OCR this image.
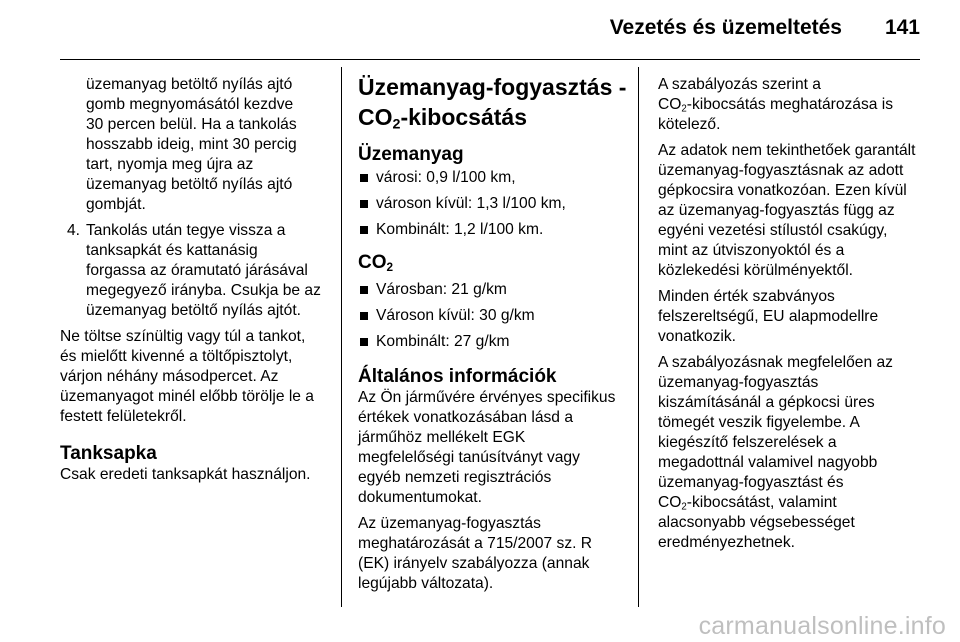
Vezetés és üzemeltetés 141

üzemanyag betöltő nyílás ajtó

gomb megnyomásától kezdve

30 percen belül. Ha a tankolás

hosszabb ideig, mint 30 percig

tart, nyomja meg újra az

üzemanyag betöltő nyílás ajtó

gombját.

4. Tankolás után tegye vissza a

tanksapkát és kattanásig

forgassa az óramutató járásával

megegyező irányba. Csukja be az

üzemanyag betöltő nyílás ajtót.

Ne töltse színültig vagy túl a tankot,

és mielőtt kivenné a töltőpisztolyt,

várjon néhány másodpercet. Az

üzemanyagot minél előbb törölje le a

festett felületekről.

Tanksapka

Csak eredeti tanksapkát használjon.

Üzemanyag-fogyasztás -

$CO_2$-kibocsátás

Üzemanyag

városi: 0,9 l/100 km,
városon kívül: 1,3 l/100 km,
Kombinált: 1,2 l/100 km.

$CO_2$

Városban: 21 g/km
Városon kívül: 30 g/km
Kombinált: 27 g/km

Általános információk

Az Ön járművére érvényes specifikus

értékek vonatkozásában lásd a

járműhöz mellékelt EGK

megfelelőségi tanúsítványt vagy

egyéb nemzeti regisztrációs

dokumentumokat.

Az üzemanyag-fogyasztás

meghatározását a 715/2007 sz. R

(EK) irányelv szabályozza (annak

legújabb változata).

A szabályozás szerint a

$CO_2$-kibocsátás meghatározása is

kötelező.

Az adatok nem tekinthetőek garantált

üzemanyag-fogyasztásnak az adott

gépkocsira vonatkozóan. Ezen kívül

az üzemanyag-fogyasztás függ az

egyéni vezetési stílustól csakúgy,

mint az útviszonyoktól és a

közlekedési körülményektől.

Minden érték szabványos

felszereltségű, EU alapmodellre

vonatkozik.

A szabályozásnak megfelelően az

üzemanyag-fogyasztás

kiszámításánál a gépkocsi üres

tömegét veszik figyelembe. A

kiegészítő felszerelések a

megadottnál valamivel nagyobb

üzemanyag-fogyasztást és

$CO_2$-kibocsátást, valamint

alacsonyabb végsebességet

eredményezhetnek.

carmanualsonline.info
